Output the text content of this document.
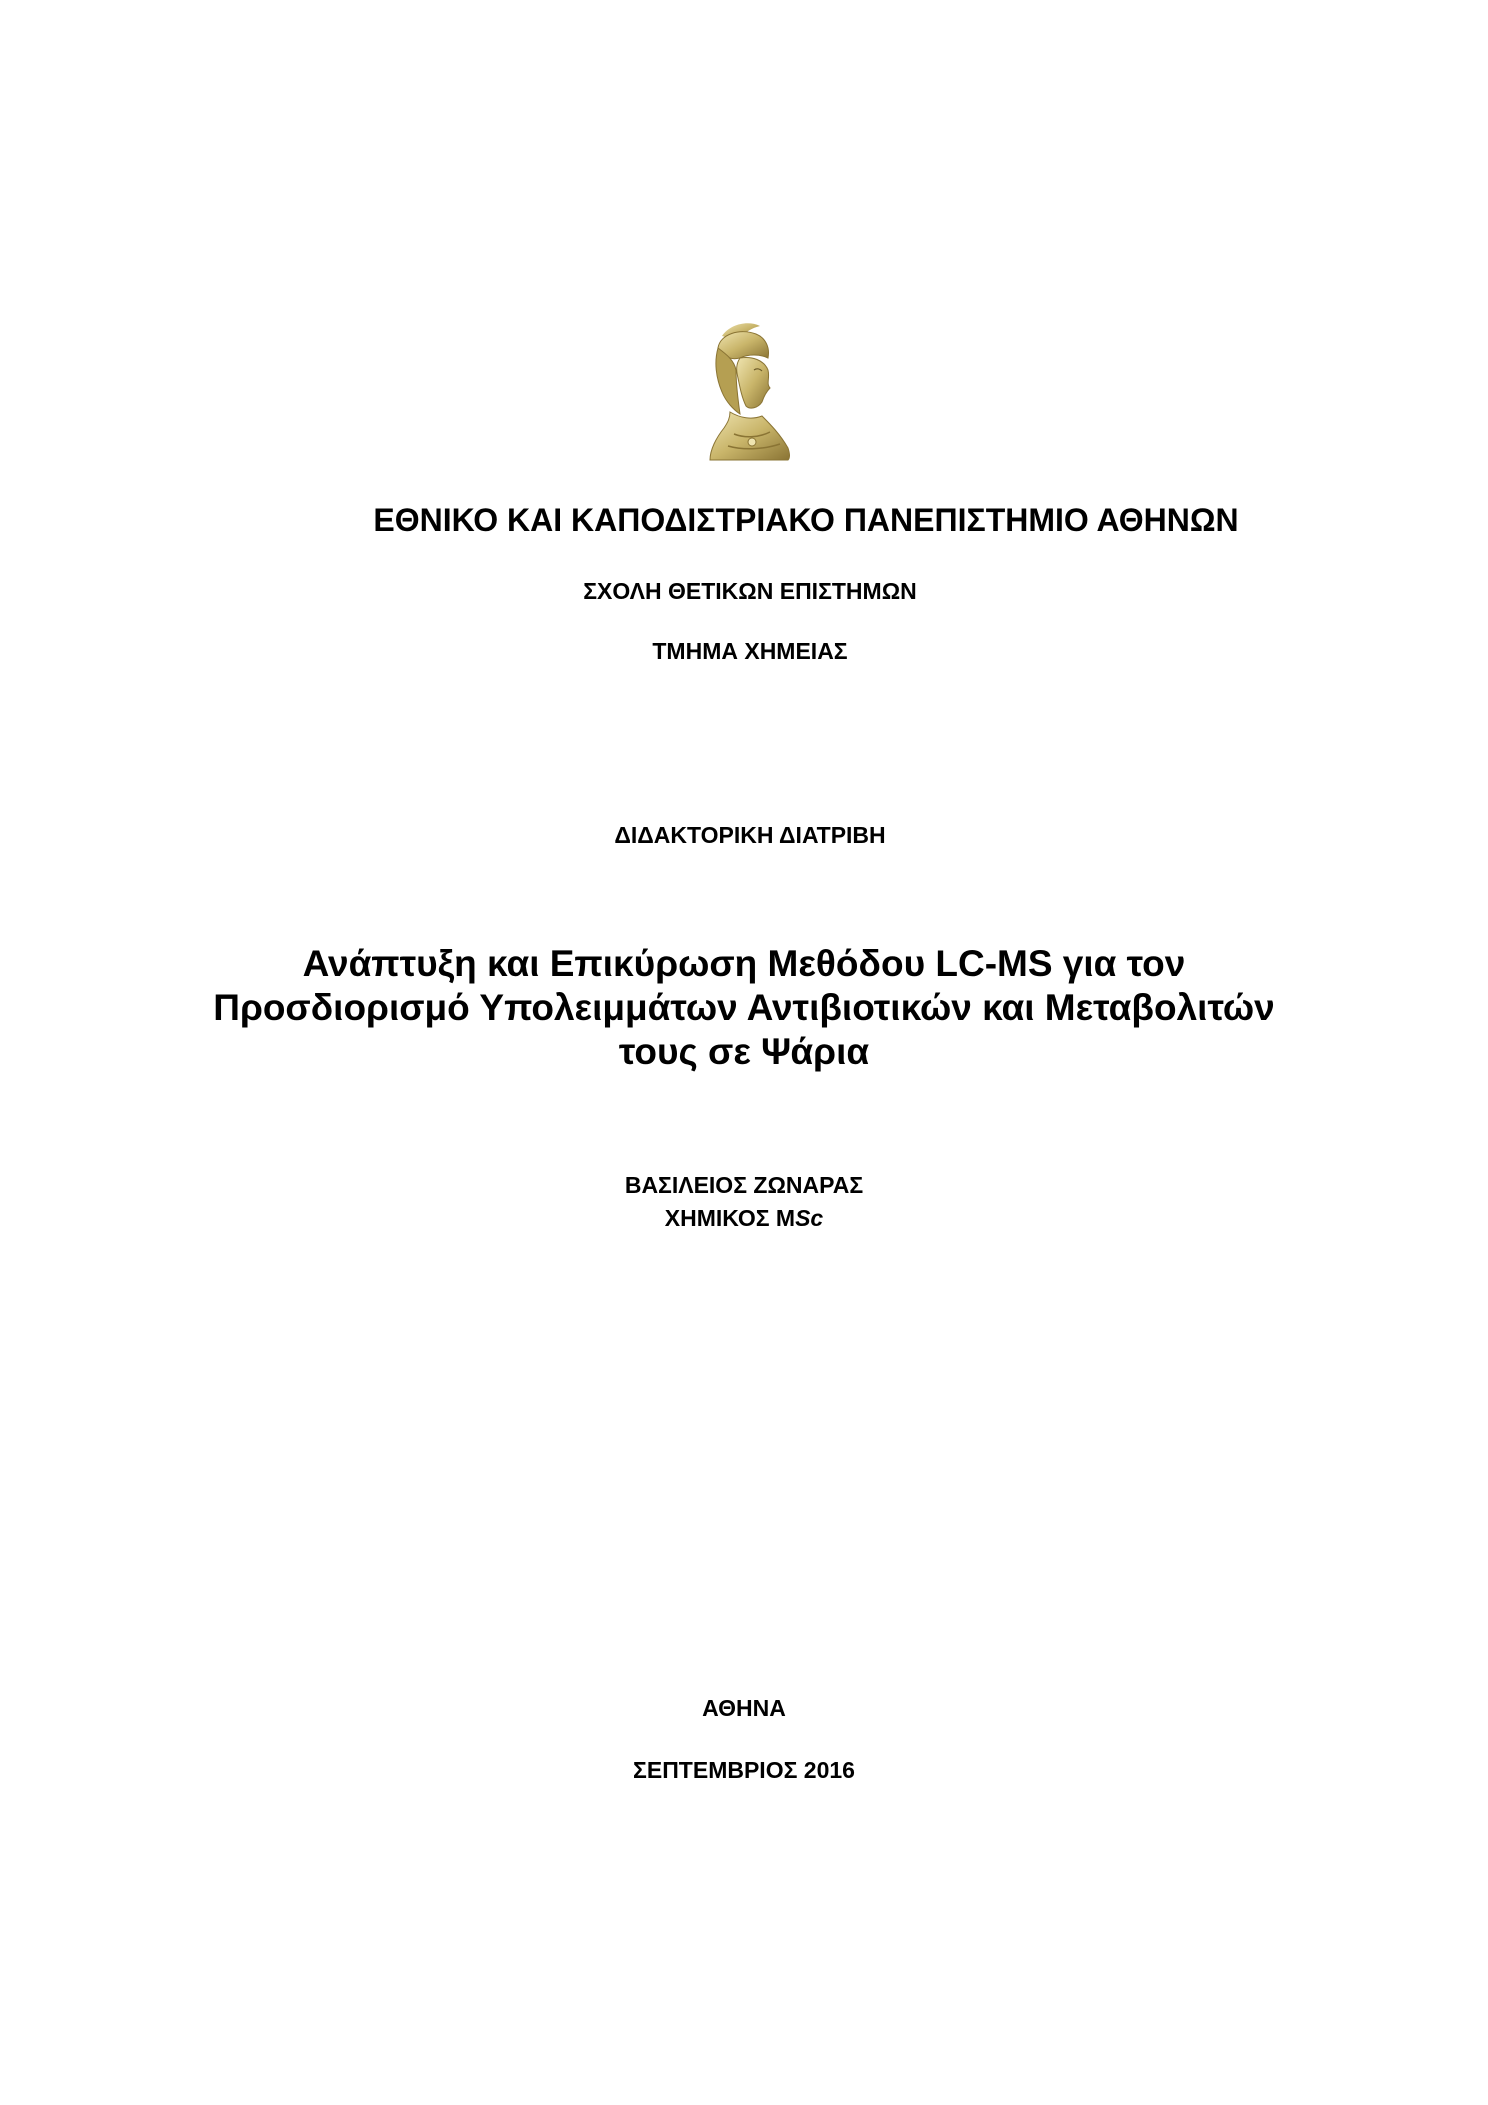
ΕΘΝΙΚΟ ΚΑΙ ΚΑΠΟΔΙΣΤΡΙΑΚΟ ΠΑΝΕΠΙΣΤΗΜΙΟ ΑΘΗΝΩΝ
ΣΧΟΛΗ ΘΕΤΙΚΩΝ ΕΠΙΣΤΗΜΩΝ
ΤΜΗΜΑ ΧΗΜΕΙΑΣ
ΔΙΔΑΚΤΟΡΙΚΗ ΔΙΑΤΡΙΒΗ
Ανάπτυξη και Επικύρωση Μεθόδου LC-MS για τον
Προσδιορισμό Υπολειμμάτων Αντιβιοτικών και Μεταβολιτών
τους σε Ψάρια
ΒΑΣΙΛΕΙΟΣ ΖΩΝΑΡΑΣ
ΧΗΜΙΚΟΣ MSc
ΑΘΗΝΑ
ΣΕΠΤΕΜΒΡΙΟΣ 2016
